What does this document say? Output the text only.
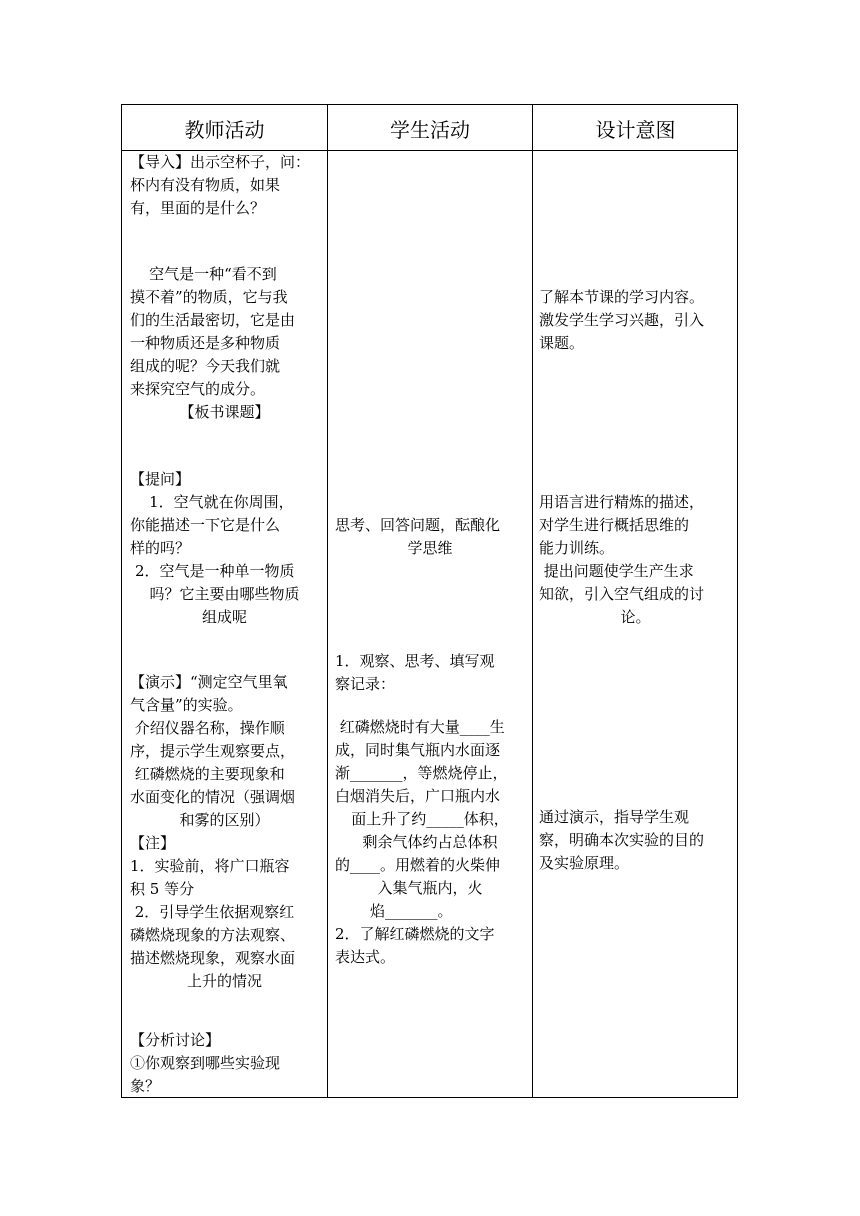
教师活动	学生活动	设计意图
【导入】出示空杯子，问：
杯内有没有物质，如果
有，里面的是什么？
空气是一种“看不到
摸不着”的物质，它与我
们的生活最密切，它是由
一种物质还是多种物质
组成的呢？今天我们就
来探究空气的成分。
【板书课题】
【提问】
1．空气就在你周围，
你能描述一下它是什么
样的吗？
2．空气是一种单一物质
吗？它主要由哪些物质
组成呢
【演示】“测定空气里氧
气含量”的实验。
介绍仪器名称，操作顺
序，提示学生观察要点，
红磷燃烧的主要现象和
水面变化的情况（强调烟
和雾的区别）
【注】
1．实验前，将广口瓶容
积 5 等分
2．引导学生依据观察红
磷燃烧现象的方法观察、
描述燃烧现象，观察水面
上升的情况
【分析讨论】
①你观察到哪些实验现
象？
思考、回答问题，酝酿化
学思维
1．观察、思考、填写观
察记录：
红磷燃烧时有大量____生
成，同时集气瓶内水面逐
渐_______，等燃烧停止，
白烟消失后，广口瓶内水
面上升了约_____体积，
剩余气体约占总体积
的____。用燃着的火柴伸
入集气瓶内，火
焰_______。
2．了解红磷燃烧的文字
表达式。
了解本节课的学习内容。
激发学生学习兴趣，引入
课题。
用语言进行精炼的描述，
对学生进行概括思维的
能力训练。
提出问题使学生产生求
知欲，引入空气组成的讨
论。
通过演示，指导学生观
察，明确本次实验的目的
及实验原理。
